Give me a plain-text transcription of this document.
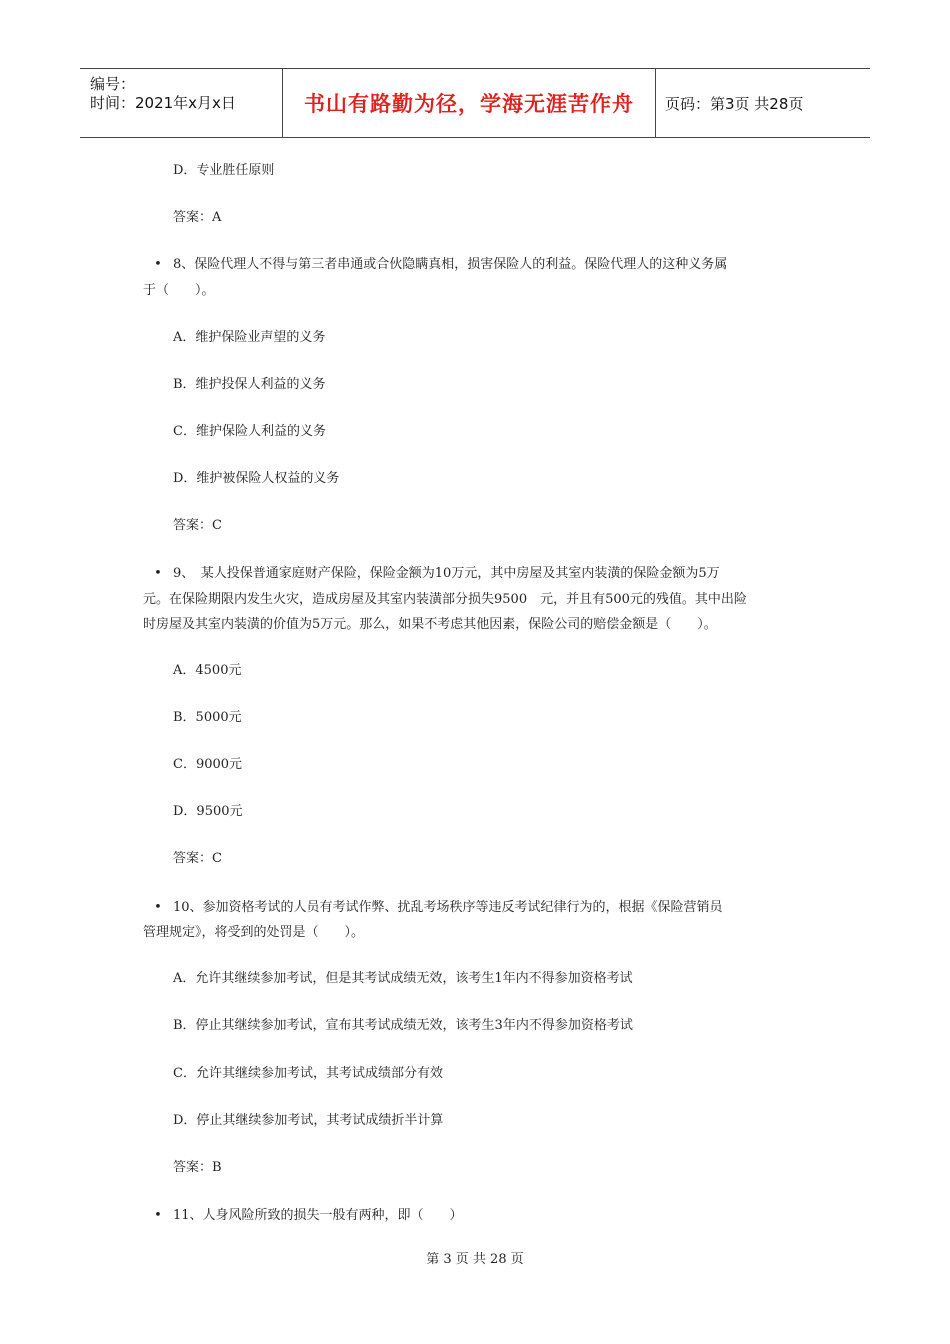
编号：
时间：2021年x月x日	书山有路勤为径，学海无涯苦作舟 页码：第3页 共28页
D．专业胜任原则
答案：A
• 8、保险代理人不得与第三者串通或合伙隐瞒真相，损害保险人的利益。保险代理人的这种义务属
于（　　）。
A．维护保险业声望的义务
B．维护投保人利益的义务
C．维护保险人利益的义务
D．维护被保险人权益的义务
答案：C
• 9、　某人投保普通家庭财产保险，保险金额为10万元，其中房屋及其室内装潢的保险金额为5万
元。在保险期限内发生火灾，造成房屋及其室内装潢部分损失9500　元，并且有500元的残值。其中出险
时房屋及其室内装潢的价值为5万元。那么，如果不考虑其他因素，保险公司的赔偿金额是（　　）。
A．4500元
B．5000元
C．9000元
D．9500元
答案：C
• 10、参加资格考试的人员有考试作弊、扰乱考场秩序等违反考试纪律行为的，根据《保险营销员
管理规定》，将受到的处罚是（　　）。
A．允许其继续参加考试，但是其考试成绩无效，该考生1年内不得参加资格考试
B．停止其继续参加考试，宣布其考试成绩无效，该考生3年内不得参加资格考试
C．允许其继续参加考试，其考试成绩部分有效
D．停止其继续参加考试，其考试成绩折半计算
答案：B
• 11、人身风险所致的损失一般有两种，即（　　）
第 3 页 共 28 页
